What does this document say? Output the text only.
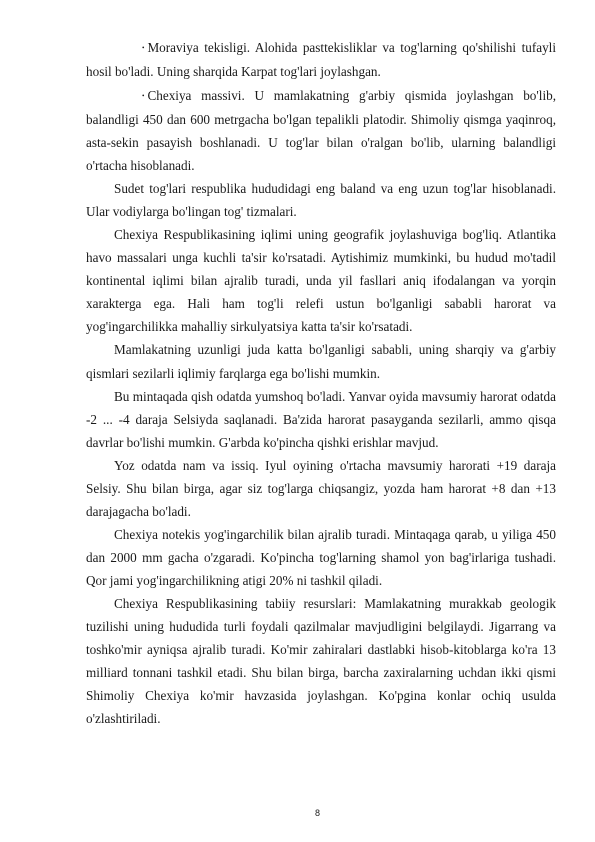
• Moraviya tekisligi. Alohida pasttekisliklar va tog'larning qo'shilishi tufayli hosil bo'ladi. Uning sharqida Karpat tog'lari joylashgan.

• Chexiya massivi. U mamlakatning g'arbiy qismida joylashgan bo'lib, balandligi 450 dan 600 metrgacha bo'lgan tepalikli platodir. Shimoliy qismga yaqinroq, asta-sekin pasayish boshlanadi. U tog'lar bilan o'ralgan bo'lib, ularning balandligi o'rtacha hisoblanadi.

Sudet tog'lari respublika hududidagi eng baland va eng uzun tog'lar hisoblanadi. Ular vodiylarga bo'lingan tog' tizmalari.

Chexiya Respublikasining iqlimi uning geografik joylashuviga bog'liq. Atlantika havo massalari unga kuchli ta'sir ko'rsatadi. Aytishimiz mumkinki, bu hudud mo'tadil kontinental iqlimi bilan ajralib turadi, unda yil fasllari aniq ifodalangan va yorqin xarakterga ega. Hali ham tog'li relefi ustun bo'lganligi sababli harorat va yog'ingarchilikka mahalliy sirkulyatsiya katta ta'sir ko'rsatadi.

Mamlakatning uzunligi juda katta bo'lganligi sababli, uning sharqiy va g'arbiy qismlari sezilarli iqlimiy farqlarga ega bo'lishi mumkin.

Bu mintaqada qish odatda yumshoq bo'ladi. Yanvar oyida mavsumiy harorat odatda -2 ... -4 daraja Selsiyda saqlanadi. Ba'zida harorat pasayganda sezilarli, ammo qisqa davrlar bo'lishi mumkin. G'arbda ko'pincha qishki erishlar mavjud.

Yoz odatda nam va issiq. Iyul oyining o'rtacha mavsumiy harorati +19 daraja Selsiy. Shu bilan birga, agar siz tog'larga chiqsangiz, yozda ham harorat +8 dan +13 darajagacha bo'ladi.

Chexiya notekis yog'ingarchilik bilan ajralib turadi. Mintaqaga qarab, u yiliga 450 dan 2000 mm gacha o'zgaradi. Ko'pincha tog'larning shamol yon bag'irlariga tushadi. Qor jami yog'ingarchilikning atigi 20% ni tashkil qiladi.

Chexiya Respublikasining tabiiy resurslari: Mamlakatning murakkab geologik tuzilishi uning hududida turli foydali qazilmalar mavjudligini belgilaydi. Jigarrang va toshko'mir ayniqsa ajralib turadi. Ko'mir zahiralari dastlabki hisob-kitoblarga ko'ra 13 milliard tonnani tashkil etadi. Shu bilan birga, barcha zaxiralarning uchdan ikki qismi Shimoliy Chexiya ko'mir havzasida joylashgan. Ko'pgina konlar ochiq usulda o'zlashtiriladi.

8
